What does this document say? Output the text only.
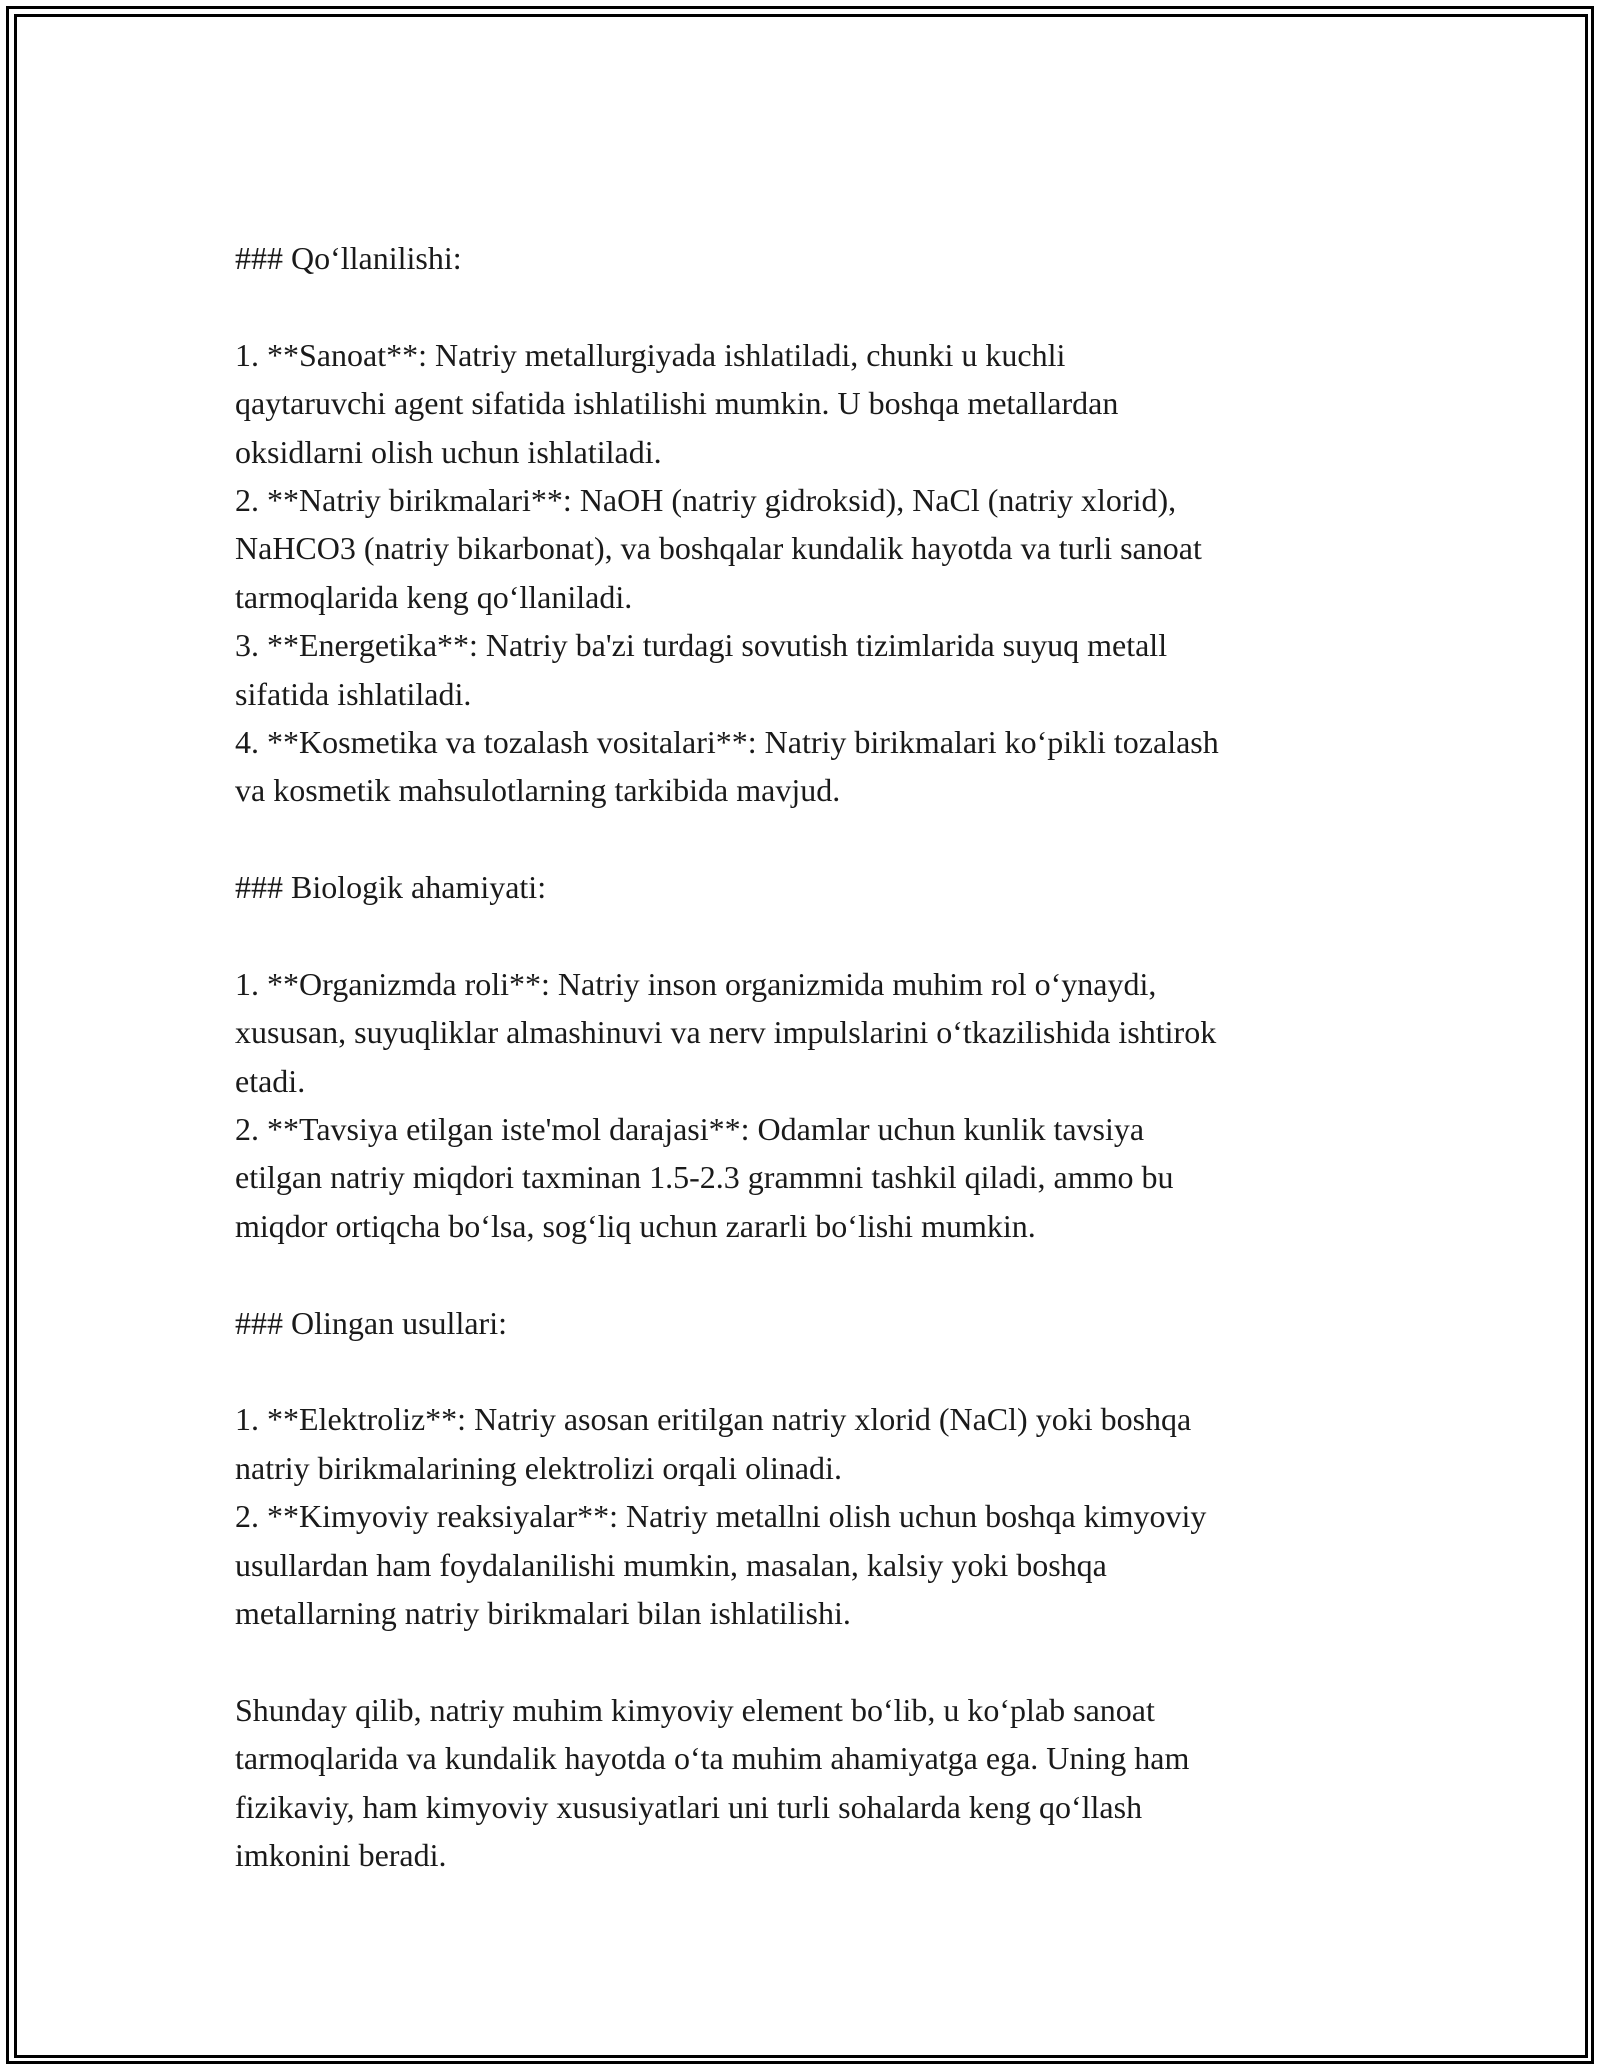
### Qo‘llanilishi:

1. **Sanoat**: Natriy metallurgiyada ishlatiladi, chunki u kuchli

qaytaruvchi agent sifatida ishlatilishi mumkin. U boshqa metallardan

oksidlarni olish uchun ishlatiladi.

2. **Natriy birikmalari**: NaOH (natriy gidroksid), NaCl (natriy xlorid),

NaHCO3 (natriy bikarbonat), va boshqalar kundalik hayotda va turli sanoat

tarmoqlarida keng qo‘llaniladi.

3. **Energetika**: Natriy ba'zi turdagi sovutish tizimlarida suyuq metall

sifatida ishlatiladi.

4. **Kosmetika va tozalash vositalari**: Natriy birikmalari ko‘pikli tozalash

va kosmetik mahsulotlarning tarkibida mavjud.

### Biologik ahamiyati:

1. **Organizmda roli**: Natriy inson organizmida muhim rol o‘ynaydi,

xususan, suyuqliklar almashinuvi va nerv impulslarini o‘tkazilishida ishtirok

etadi.

2. **Tavsiya etilgan iste'mol darajasi**: Odamlar uchun kunlik tavsiya

etilgan natriy miqdori taxminan 1.5-2.3 grammni tashkil qiladi, ammo bu

miqdor ortiqcha bo‘lsa, sog‘liq uchun zararli bo‘lishi mumkin.

### Olingan usullari:

1. **Elektroliz**: Natriy asosan eritilgan natriy xlorid (NaCl) yoki boshqa

natriy birikmalarining elektrolizi orqali olinadi.

2. **Kimyoviy reaksiyalar**: Natriy metallni olish uchun boshqa kimyoviy

usullardan ham foydalanilishi mumkin, masalan, kalsiy yoki boshqa

metallarning natriy birikmalari bilan ishlatilishi.

Shunday qilib, natriy muhim kimyoviy element bo‘lib, u ko‘plab sanoat

tarmoqlarida va kundalik hayotda o‘ta muhim ahamiyatga ega. Uning ham

fizikaviy, ham kimyoviy xususiyatlari uni turli sohalarda keng qo‘llash

imkonini beradi.
